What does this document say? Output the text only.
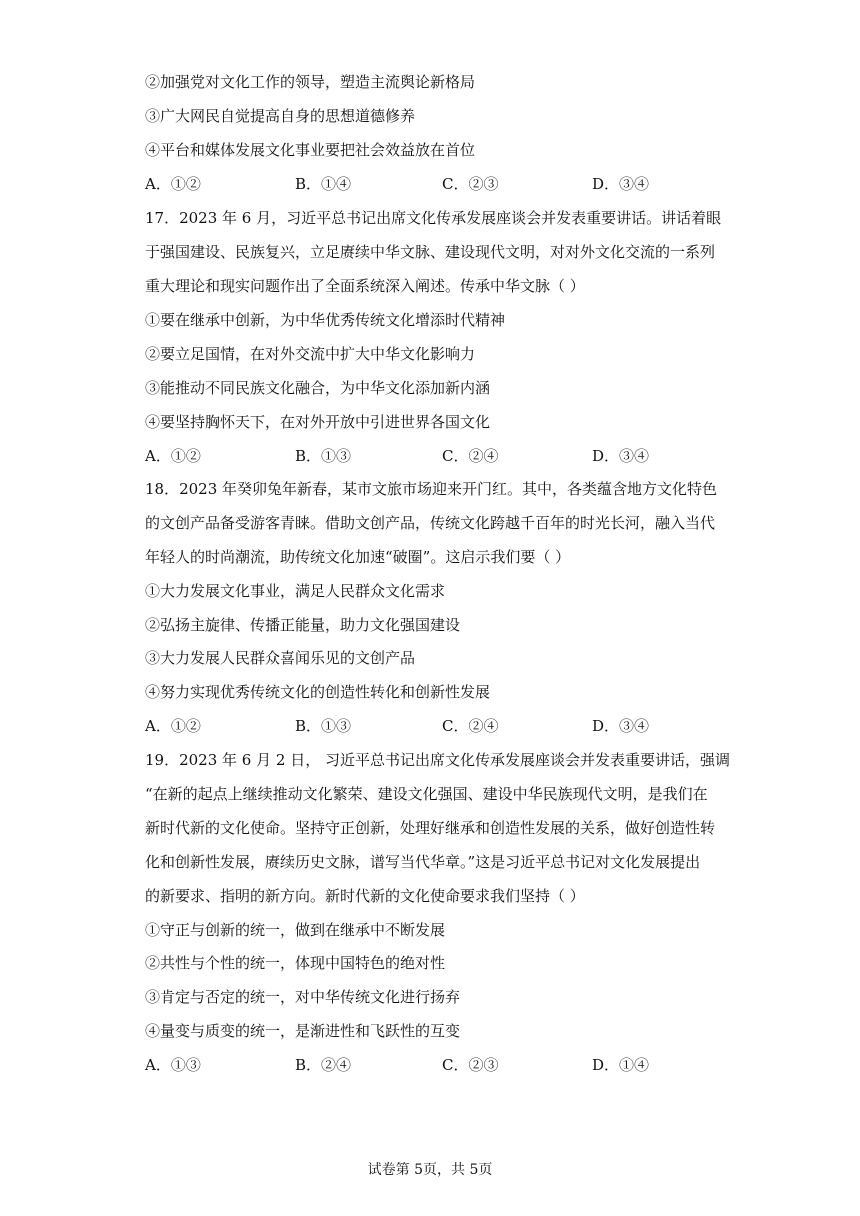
②加强党对文化工作的领导，塑造主流舆论新格局
③广大网民自觉提高自身的思想道德修养
④平台和媒体发展文化事业要把社会效益放在首位
A．①②	B．①④	C．②③	D．③④
17．2023 年 6 月，习近平总书记出席文化传承发展座谈会并发表重要讲话。讲话着眼
于强国建设、民族复兴，立足赓续中华文脉、建设现代文明，对对外文化交流的一系列
重大理论和现实问题作出了全面系统深入阐述。传承中华文脉（ ）
①要在继承中创新，为中华优秀传统文化增添时代精神
②要立足国情，在对外交流中扩大中华文化影响力
③能推动不同民族文化融合，为中华文化添加新内涵
④要坚持胸怀天下，在对外开放中引进世界各国文化
A．①②	B．①③	C．②④	D．③④
18．2023 年癸卯兔年新春，某市文旅市场迎来开门红。其中，各类蕴含地方文化特色
的文创产品备受游客青睐。借助文创产品，传统文化跨越千百年的时光长河，融入当代
年轻人的时尚潮流，助传统文化加速“破圈”。这启示我们要（ ）
①大力发展文化事业，满足人民群众文化需求
②弘扬主旋律、传播正能量，助力文化强国建设
③大力发展人民群众喜闻乐见的文创产品
④努力实现优秀传统文化的创造性转化和创新性发展
A．①②	B．①③	C．②④	D．③④
19．2023 年 6 月 2 日， 习近平总书记出席文化传承发展座谈会并发表重要讲话，强调
“在新的起点上继续推动文化繁荣、建设文化强国、建设中华民族现代文明，是我们在
新时代新的文化使命。坚持守正创新，处理好继承和创造性发展的关系，做好创造性转
化和创新性发展，赓续历史文脉，谱写当代华章。”这是习近平总书记对文化发展提出
的新要求、指明的新方向。新时代新的文化使命要求我们坚持（ ）
①守正与创新的统一，做到在继承中不断发展
②共性与个性的统一，体现中国特色的绝对性
③肯定与否定的统一，对中华传统文化进行扬弃
④量变与质变的统一，是渐进性和飞跃性的互变
A．①③	B．②④	C．②③	D．①④
试卷第 5页，共 5页
